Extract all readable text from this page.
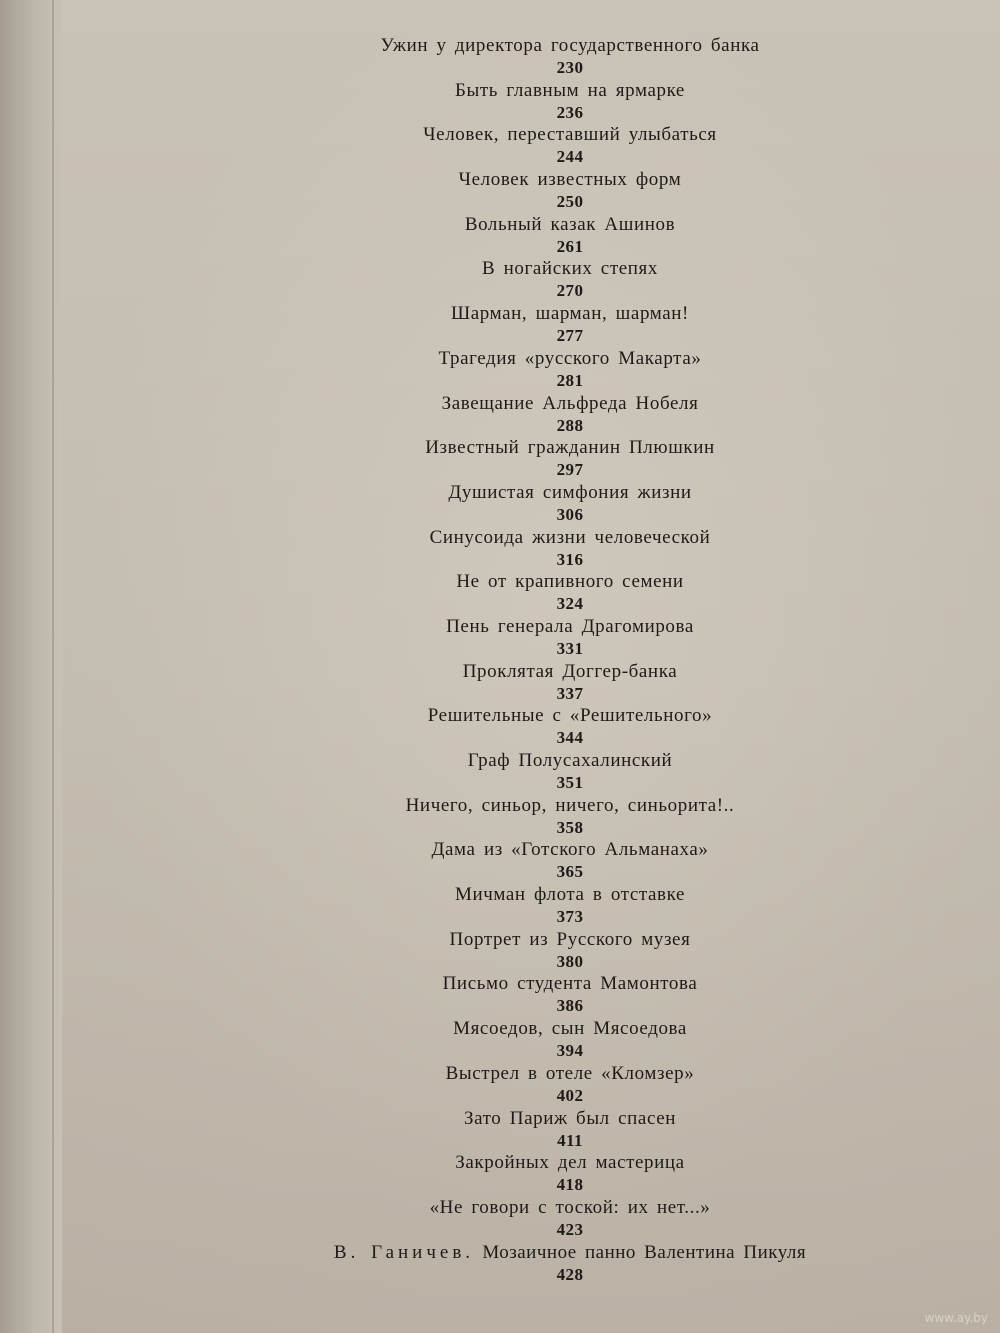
Ужин у директора государственного банка
230
Быть главным на ярмарке
236
Человек, переставший улыбаться
244
Человек известных форм
250
Вольный казак Ашинов
261
В ногайских степях
270
Шарман, шарман, шарман!
277
Трагедия «русского Макарта»
281
Завещание Альфреда Нобеля
288
Известный гражданин Плюшкин
297
Душистая симфония жизни
306
Синусоида жизни человеческой
316
Не от крапивного семени
324
Пень генерала Драгомирова
331
Проклятая Доггер-банка
337
Решительные с «Решительного»
344
Граф Полусахалинский
351
Ничего, синьор, ничего, синьорита!..
358
Дама из «Готского Альманаха»
365
Мичман флота в отставке
373
Портрет из Русского музея
380
Письмо студента Мамонтова
386
Мясоедов, сын Мясоедова
394
Выстрел в отеле «Кломзер»
402
Зато Париж был спасен
411
Закройных дел мастерица
418
«Не говори с тоской: их нет...»
423
В. Ганичев. Мозаичное панно Валентина Пикуля
428
www.ay.by
